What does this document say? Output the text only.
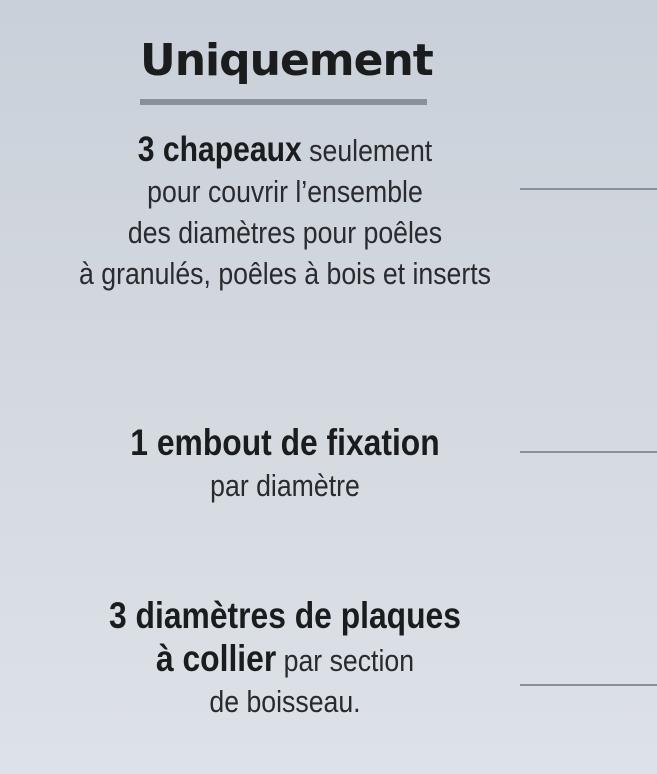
Uniquement
3 chapeaux seulement
pour couvrir l’ensemble
des diamètres pour poêles
à granulés, poêles à bois et inserts
1 embout de fixation
par diamètre
3 diamètres de plaques
à collier par section
de boisseau.
